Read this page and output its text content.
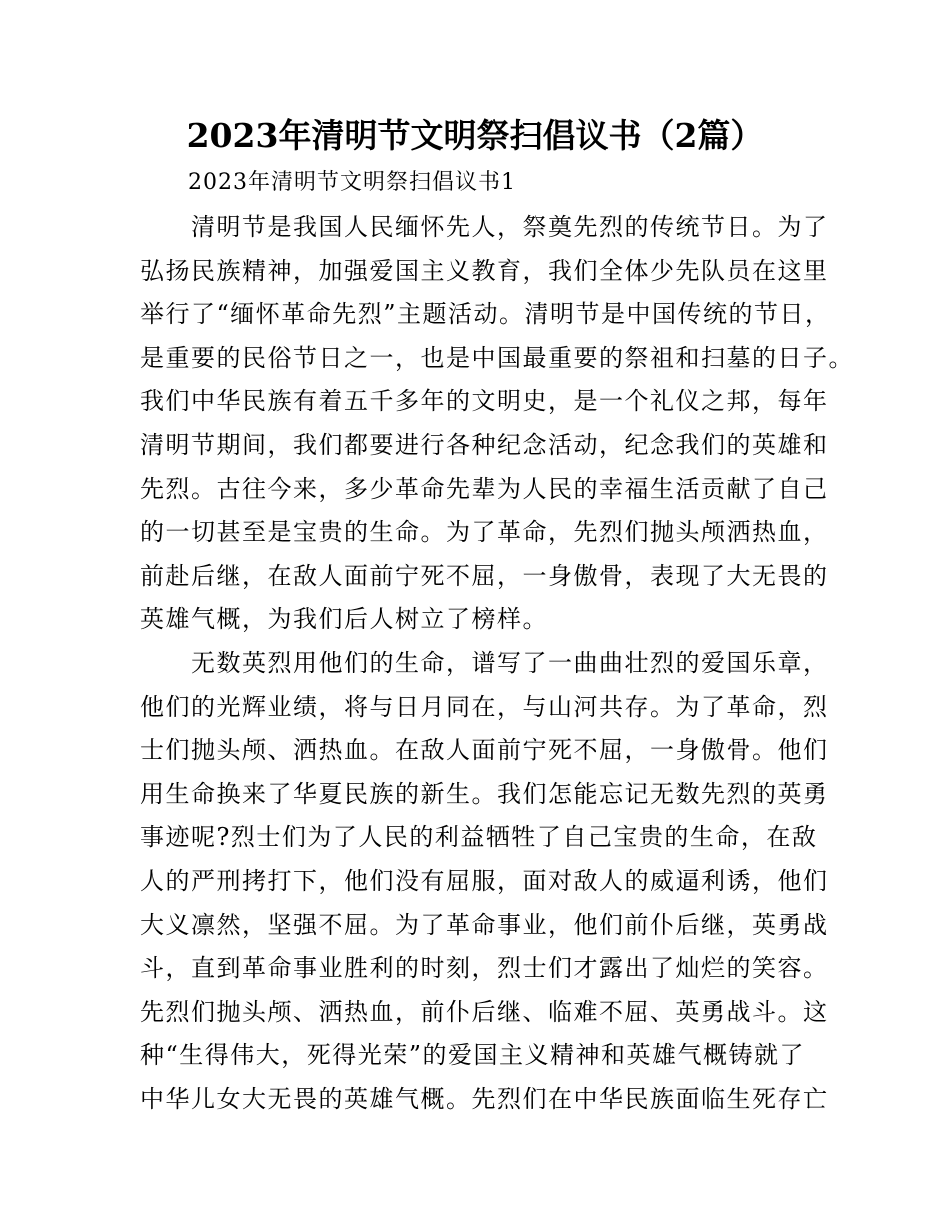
2023年清明节文明祭扫倡议书（2篇）
2023年清明节文明祭扫倡议书1
　　清明节是我国人民缅怀先人，祭奠先烈的传统节日。为了
弘扬民族精神，加强爱国主义教育，我们全体少先队员在这里
举行了“缅怀革命先烈”主题活动。清明节是中国传统的节日，
是重要的民俗节日之一，也是中国最重要的祭祖和扫墓的日子。
我们中华民族有着五千多年的文明史，是一个礼仪之邦，每年
清明节期间，我们都要进行各种纪念活动，纪念我们的英雄和
先烈。古往今来，多少革命先辈为人民的幸福生活贡献了自己
的一切甚至是宝贵的生命。为了革命，先烈们抛头颅洒热血，
前赴后继，在敌人面前宁死不屈，一身傲骨，表现了大无畏的
英雄气概，为我们后人树立了榜样。
　　无数英烈用他们的生命，谱写了一曲曲壮烈的爱国乐章，
他们的光辉业绩，将与日月同在，与山河共存。为了革命，烈
士们抛头颅、洒热血。在敌人面前宁死不屈，一身傲骨。他们
用生命换来了华夏民族的新生。我们怎能忘记无数先烈的英勇
事迹呢?烈士们为了人民的利益牺牲了自己宝贵的生命，在敌
人的严刑拷打下，他们没有屈服，面对敌人的威逼利诱，他们
大义凛然，坚强不屈。为了革命事业，他们前仆后继，英勇战
斗，直到革命事业胜利的时刻，烈士们才露出了灿烂的笑容。
先烈们抛头颅、洒热血，前仆后继、临难不屈、英勇战斗。这
种“生得伟大，死得光荣”的爱国主义精神和英雄气概铸就了
中华儿女大无畏的英雄气概。先烈们在中华民族面临生死存亡
